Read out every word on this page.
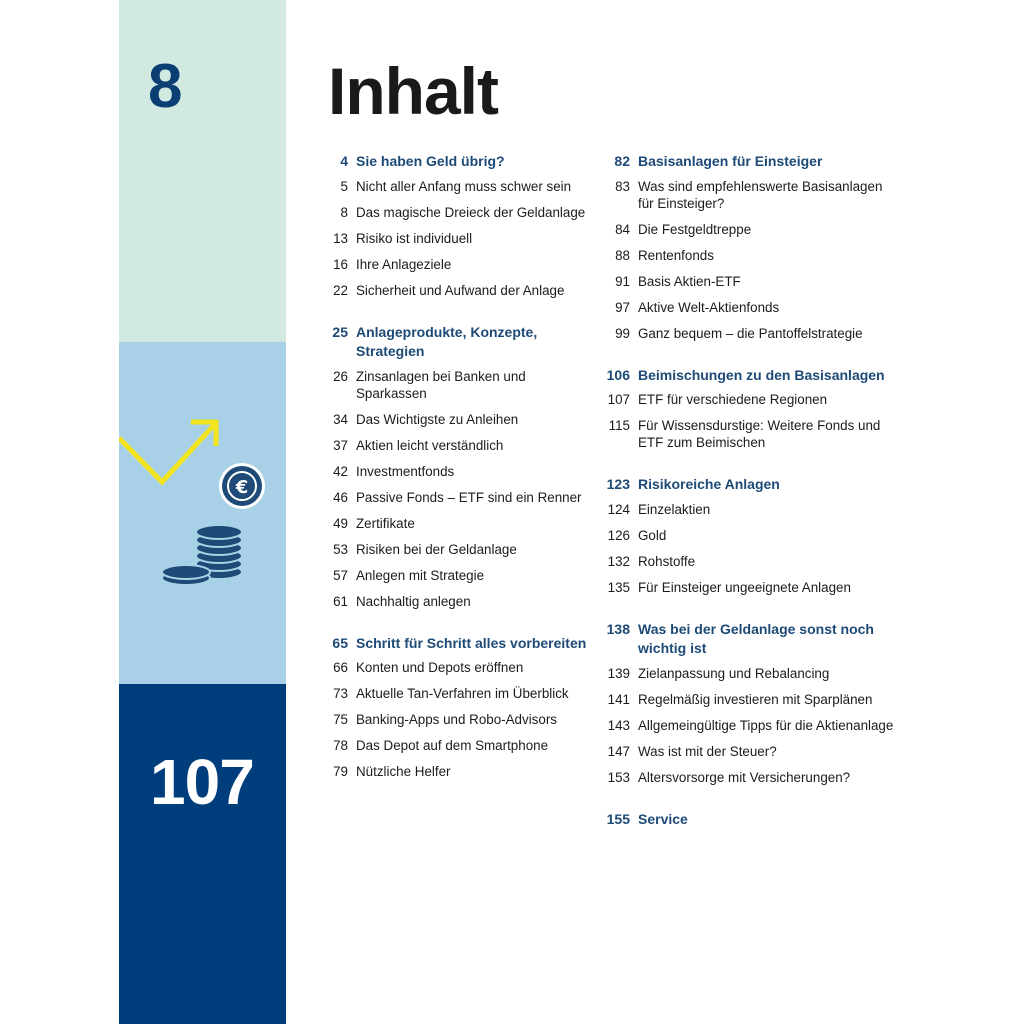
8
107
€
Inhalt
4 Sie haben Geld übrig?
5 Nicht aller Anfang muss schwer sein
8 Das magische Dreieck der Geldanlage
13 Risiko ist individuell
16 Ihre Anlageziele
22 Sicherheit und Aufwand der Anlage
25 Anlageprodukte, Konzepte, Strategien
26 Zinsanlagen bei Banken und Sparkassen
34 Das Wichtigste zu Anleihen
37 Aktien leicht verständlich
42 Investmentfonds
46 Passive Fonds – ETF sind ein Renner
49 Zertifikate
53 Risiken bei der Geldanlage
57 Anlegen mit Strategie
61 Nachhaltig anlegen
65 Schritt für Schritt alles vorbereiten
66 Konten und Depots eröffnen
73 Aktuelle Tan-Verfahren im Überblick
75 Banking-Apps und Robo-Advisors
78 Das Depot auf dem Smartphone
79 Nützliche Helfer
82 Basisanlagen für Einsteiger
83 Was sind empfehlenswerte Basisanlagen für Einsteiger?
84 Die Festgeldtreppe
88 Rentenfonds
91 Basis Aktien-ETF
97 Aktive Welt-Aktienfonds
99 Ganz bequem – die Pantoffelstrategie
106 Beimischungen zu den Basisanlagen
107 ETF für verschiedene Regionen
115 Für Wissensdurstige: Weitere Fonds und ETF zum Beimischen
123 Risikoreiche Anlagen
124 Einzelaktien
126 Gold
132 Rohstoffe
135 Für Einsteiger ungeeignete Anlagen
138 Was bei der Geldanlage sonst noch wichtig ist
139 Zielanpassung und Rebalancing
141 Regelmäßig investieren mit Sparplänen
143 Allgemeingültige Tipps für die Aktienanlage
147 Was ist mit der Steuer?
153 Altersvorsorge mit Versicherungen?
155 Service
